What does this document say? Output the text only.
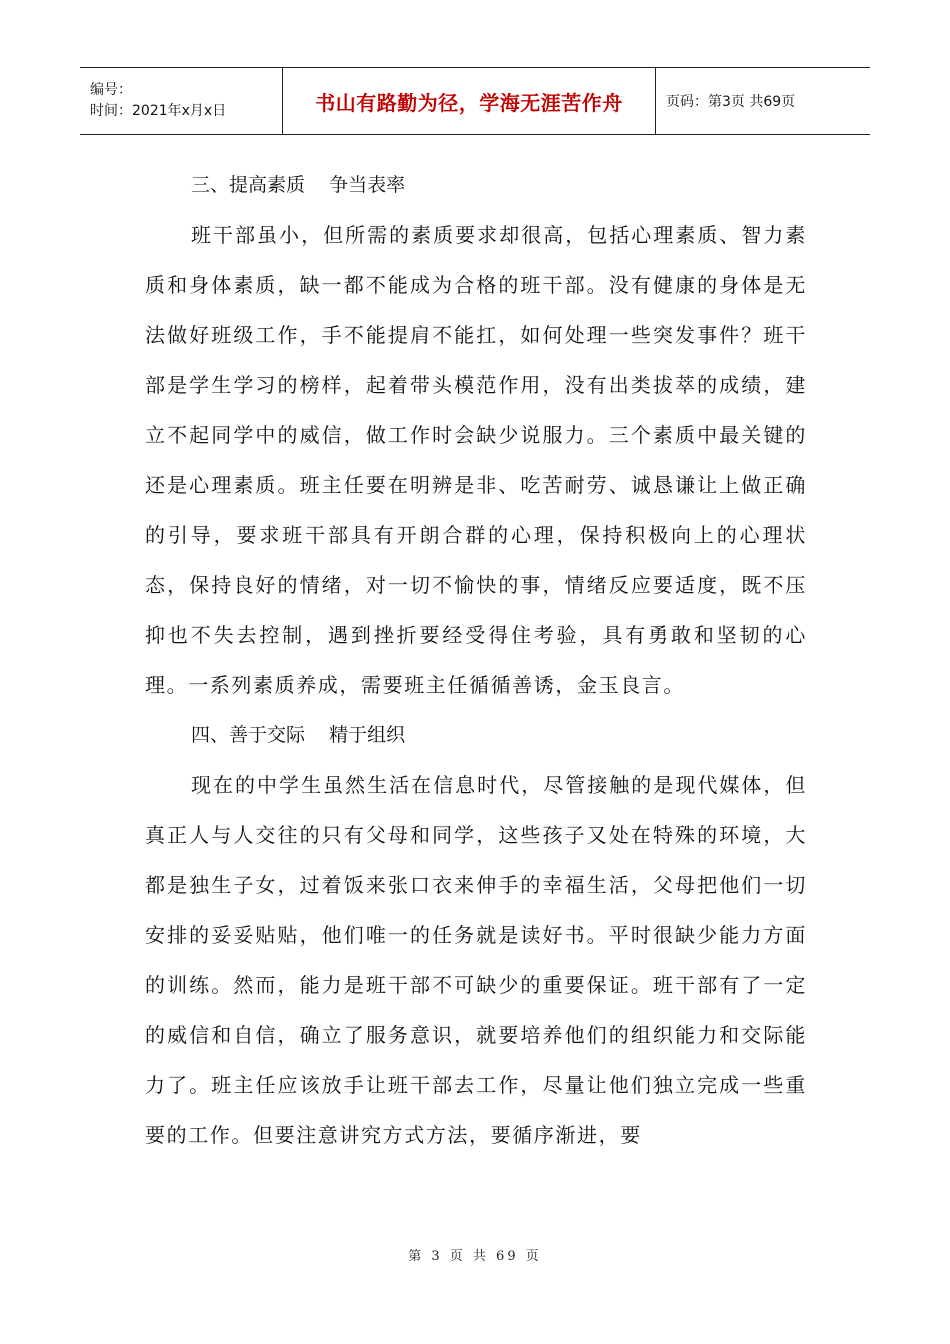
编号：
时间：2021年x月x日	书山有路勤为径，学海无涯苦作舟	页码：第3页 共69页
三、提高素质    争当表率

班干部虽小，但所需的素质要求却很高，包括心理素质、智力素质和身体素质，缺一都不能成为合格的班干部。没有健康的身体是无法做好班级工作，手不能提肩不能扛，如何处理一些突发事件？班干部是学生学习的榜样，起着带头模范作用，没有出类拔萃的成绩，建立不起同学中的威信，做工作时会缺少说服力。三个素质中最关键的还是心理素质。班主任要在明辨是非、吃苦耐劳、诚恳谦让上做正确的引导，要求班干部具有开朗合群的心理，保持积极向上的心理状态，保持良好的情绪，对一切不愉快的事，情绪反应要适度，既不压抑也不失去控制，遇到挫折要经受得住考验，具有勇敢和坚韧的心理。一系列素质养成，需要班主任循循善诱，金玉良言。

四、善于交际    精于组织

现在的中学生虽然生活在信息时代，尽管接触的是现代媒体，但真正人与人交往的只有父母和同学，这些孩子又处在特殊的环境，大都是独生子女，过着饭来张口衣来伸手的幸福生活，父母把他们一切安排的妥妥贴贴，他们唯一的任务就是读好书。平时很缺少能力方面的训练。然而，能力是班干部不可缺少的重要保证。班干部有了一定的威信和自信，确立了服务意识，就要培养他们的组织能力和交际能力了。班主任应该放手让班干部去工作，尽量让他们独立完成一些重要的工作。但要注意讲究方式方法，要循序渐进，要

第 3 页 共 69 页
